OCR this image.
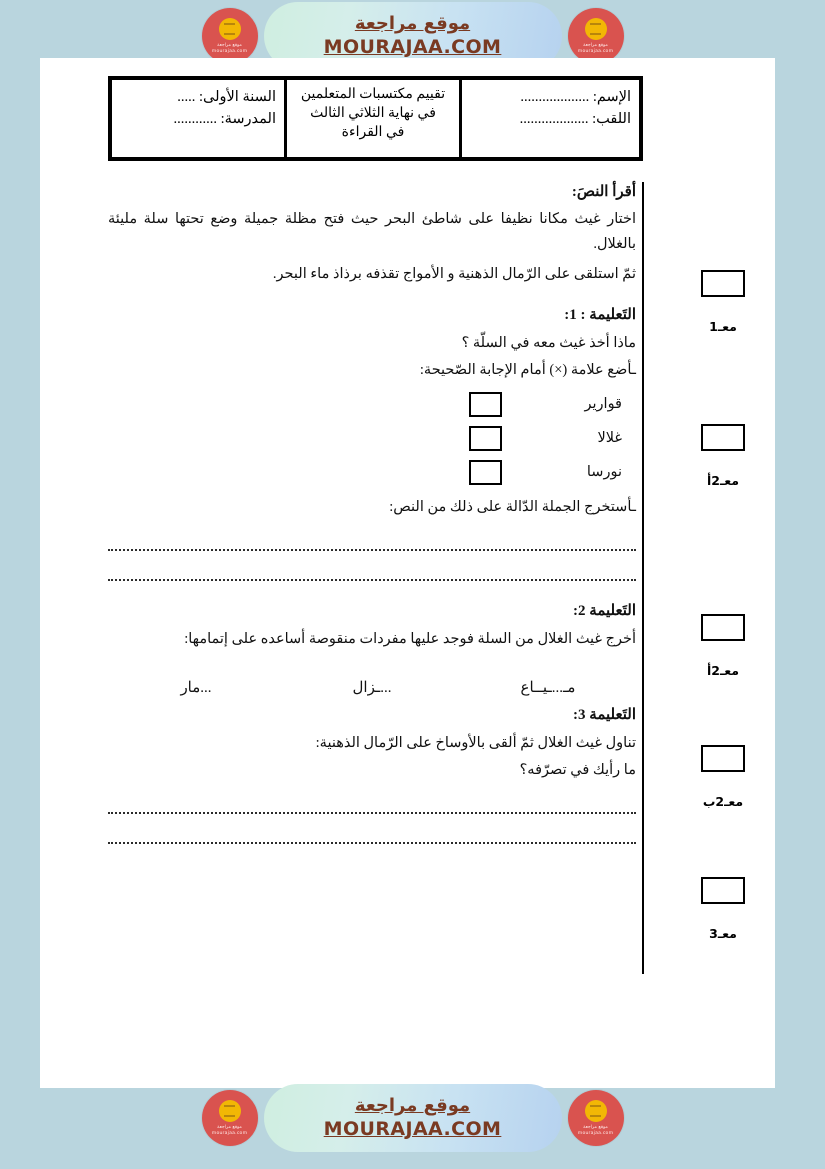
موقع مراجعة
mourajaa.com
موقع مراجعة
MOURAJAA.COM	موقع مراجعة
mourajaa.com
الإسم: ...................
اللقب: ...................
تقييم مكتسبات المتعلمين
في نهاية الثلاثي الثالث
في القراءة
السنة الأولى: .....
المدرسة: ............
أقرأ النصَ:
اختار غيث مكانا نظيفا على شاطئ البحر حيث فتح مظلة جميلة وضع تحتها سلة مليئة بالغلال.
ثمّ استلقى على الرّمال الذهنية و الأمواج تقذفه برذاذ ماء البحر.
التَعليمة : 1:
ماذا أخذ غيث معه في السلّة ؟
ـأضع علامة (×) أمام الإجابة الصّحيحة:
قوارير
غلالا
نورسا
ـأستخرج الجملة الدّالة على ذلك من النص:
التَعليمة 2:
أخرج غيث الغلال من السلة فوجد عليها مفردات منقوصة أساعده على إتمامها:
مـ...ـيــاع
...ـزال
...مار
التَعليمة 3:
تناول غيث الغلال ثمّ ألقى بالأوساخ على الرّمال الذهنية:
ما رأيك في تصرّفه؟
معـ1
معـ2أ
معـ2أ
معـ2ب
معـ3
موقع مراجعة
mourajaa.com
موقع مراجعة
MOURAJAA.COM	موقع مراجعة
mourajaa.com
